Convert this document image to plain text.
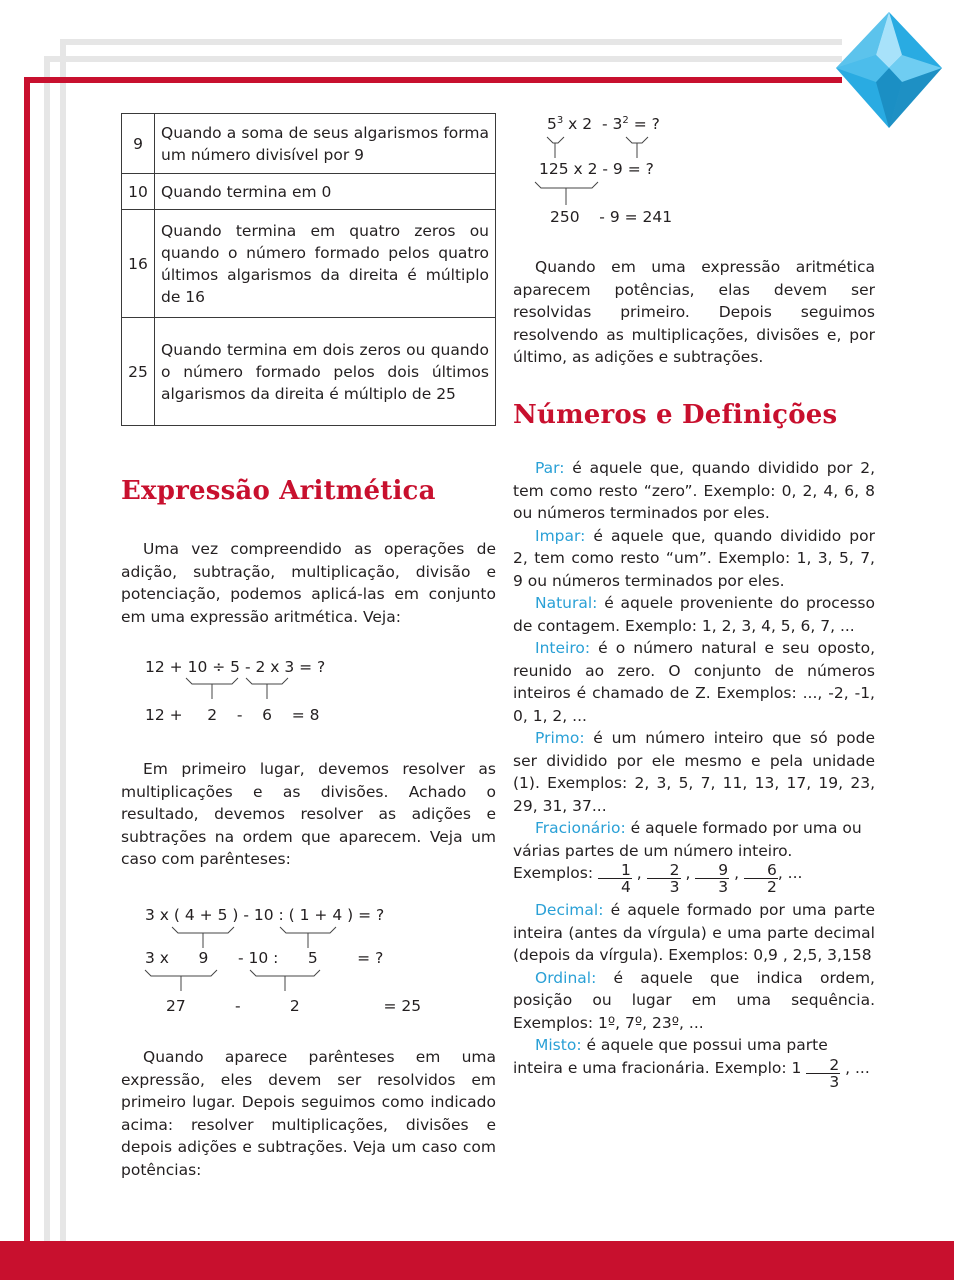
9	Quando a soma de seus algarismos forma um número divisível por 9
10	Quando termina em 0
16	Quando termina em quatro zeros ou quando o número formado pelos quatro últimos algarismos da direita é múltiplo de 16
25	Quando termina em dois zeros ou quando o número formado pelos dois últimos algarismos da direita é múltiplo de 25
Expressão Aritmética
Uma vez compreendido as operações de adição, subtração, multiplicação, divisão e potenciação, podemos aplicá-las em conjunto em uma expressão aritmética. Veja:
12 + 10 ÷ 5 - 2 x 3 = ?
12 +     2    -    6    = 8
Em primeiro lugar, devemos resolver as multiplicações e as divisões. Achado o resultado, devemos resolver as adições e subtrações na ordem que aparecem. Veja um caso com parênteses:
3 x ( 4 + 5 ) - 10 : ( 1 + 4 ) = ?
3 x      9      - 10 :      5        = ?
27          -          2                 = 25
Quando aparece parênteses em uma expressão, eles devem ser resolvidos em primeiro lugar. Depois seguimos como indicado acima: resolver multiplicações, divisões e depois adições e subtrações. Veja um caso com potências:
$5^3$ x $2 - 3^2$ = ?
125 x 2 - 9 = ?
250    - 9 = 241
Quando em uma expressão aritmética aparecem potências, elas devem ser resolvidas primeiro. Depois seguimos resolvendo as multiplicações, divisões e, por último, as adições e subtrações.
Números e Definições
Par: é aquele que, quando dividido por 2, tem como resto “zero”. Exemplo: 0, 2, 4, 6, 8 ou números terminados por eles.
Impar: é aquele que, quando dividido por 2, tem como resto “um”. Exemplo: 1, 3, 5, 7, 9 ou números terminados por eles.
Natural: é aquele proveniente do processo de contagem. Exemplo: 1, 2, 3, 4, 5, 6, 7, ...
Inteiro: é o número natural e seu oposto, reunido ao zero. O conjunto de números inteiros é chamado de Z. Exemplos: ..., -2, -1, 0, 1, 2, ...
Primo: é um número inteiro que só pode ser dividido por ele mesmo e pela unidade (1). Exemplos: 2, 3, 5, 7, 11, 13, 17, 19, 23, 29, 31, 37...
Fracionário: é aquele formado por uma ou várias partes de um número inteiro. Exemplos: $\frac{1}{4}$ , $\frac{2}{3}$ , $\frac{9}{3}$ , $\frac{6}{2}$ , ...
Decimal: é aquele formado por uma parte inteira (antes da vírgula) e uma parte decimal (depois da vírgula). Exemplos: 0,9 , 2,5, 3,158
Ordinal: é aquele que indica ordem, posição ou lugar em uma sequência. Exemplos: 1º, 7º, 23º, ...
Misto: é aquele que possui uma parte inteira e uma fracionária. Exemplo: $1 \frac{2}{3}$ , ...
